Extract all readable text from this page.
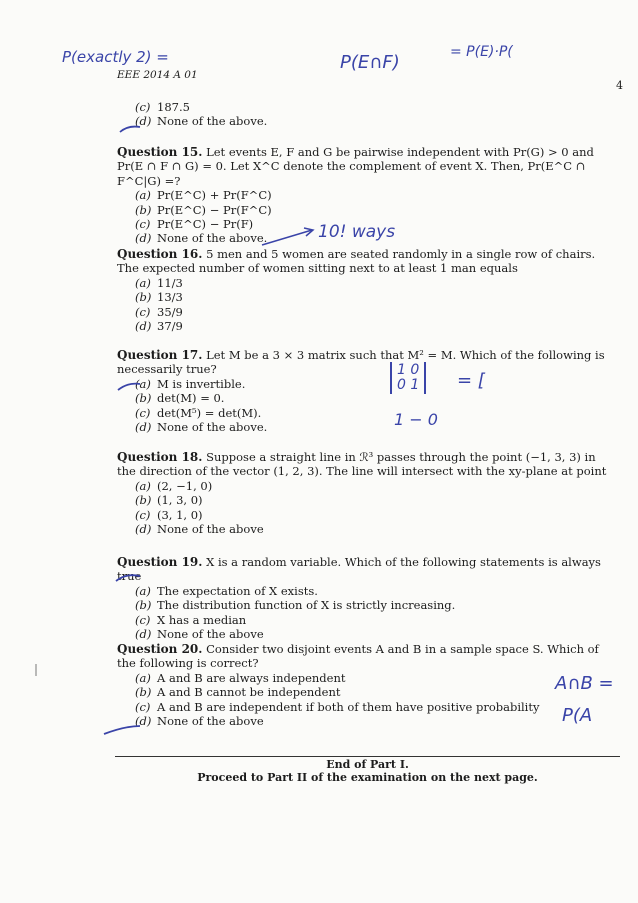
EEE 2014 A 01
4
(c) 187.5
(d) None of the above.
Question 15. Let events E, F and G be pairwise independent with Pr(G) > 0 and Pr(E ∩ F ∩ G) = 0. Let X^C denote the complement of event X. Then, Pr(E^C ∩ F^C|G) =?
(a) Pr(E^C) + Pr(F^C)
(b) Pr(E^C) − Pr(F^C)
(c) Pr(E^C) − Pr(F)
(d) None of the above.
Question 16. 5 men and 5 women are seated randomly in a single row of chairs. The expected number of women sitting next to at least 1 man equals
(a) 11/3
(b) 13/3
(c) 35/9
(d) 37/9
Question 17. Let M be a 3 × 3 matrix such that M² = M. Which of the following is necessarily true?
(a) M is invertible.
(b) det(M) = 0.
(c) det(M⁵) = det(M).
(d) None of the above.
Question 18. Suppose a straight line in ℛ³ passes through the point (−1, 3, 3) in the direction of the vector (1, 2, 3). The line will intersect with the xy-plane at point
(a) (2, −1, 0)
(b) (1, 3, 0)
(c) (3, 1, 0)
(d) None of the above
Question 19. X is a random variable. Which of the following statements is always true
(a) The expectation of X exists.
(b) The distribution function of X is strictly increasing.
(c) X has a median
(d) None of the above
Question 20. Consider two disjoint events A and B in a sample space S. Which of the following is correct?
(a) A and B are always independent
(b) A and B cannot be independent
(c) A and B are independent if both of them have positive probability
(d) None of the above
End of Part I.
Proceed to Part II of the examination on the next page.
P(exactly 2) =	P(E∩F)	= P(E)·P(
10! ways
1 0
0 1 = [
1 − 0
A∩B =
P(A
